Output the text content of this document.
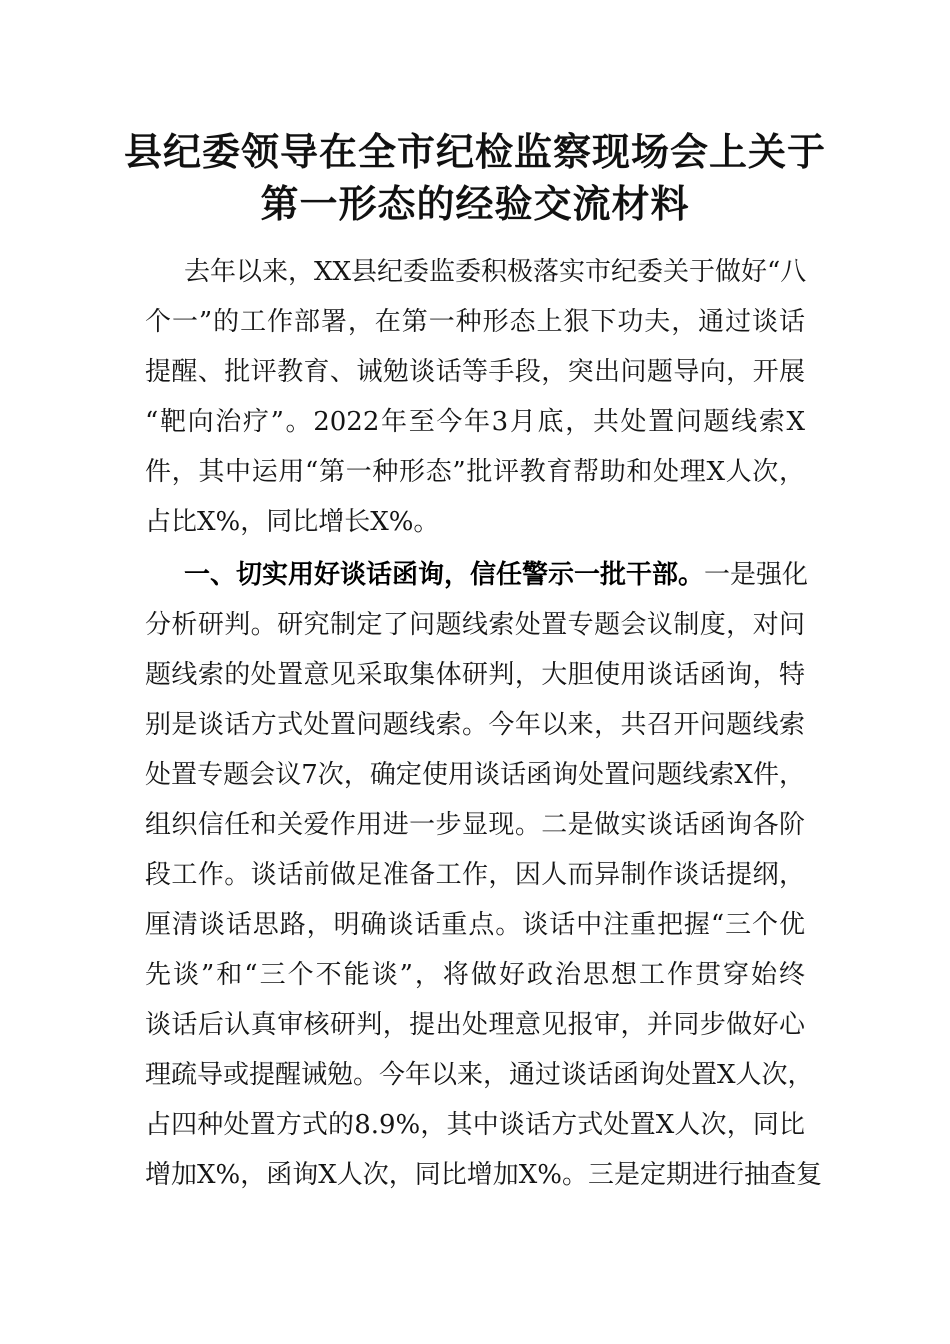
县纪委领导在全市纪检监察现场会上关于
第一形态的经验交流材料
去年以来，XX县纪委监委积极落实市纪委关于做好“八
个一”的工作部署，在第一种形态上狠下功夫，通过谈话
提醒、批评教育、诫勉谈话等手段，突出问题导向，开展
“靶向治疗”。2022年至今年3月底，共处置问题线索X
件，其中运用“第一种形态”批评教育帮助和处理X人次，
占比X%，同比增长X%。
一、切实用好谈话函询，信任警示一批干部。一是强化
分析研判。研究制定了问题线索处置专题会议制度，对问
题线索的处置意见采取集体研判，大胆使用谈话函询，特
别是谈话方式处置问题线索。今年以来，共召开问题线索
处置专题会议7次，确定使用谈话函询处置问题线索X件，
组织信任和关爱作用进一步显现。二是做实谈话函询各阶
段工作。谈话前做足准备工作，因人而异制作谈话提纲，
厘清谈话思路，明确谈话重点。谈话中注重把握“三个优
先谈”和“三个不能谈”，将做好政治思想工作贯穿始终
谈话后认真审核研判，提出处理意见报审，并同步做好心
理疏导或提醒诫勉。今年以来，通过谈话函询处置X人次，
占四种处置方式的8.9%，其中谈话方式处置X人次，同比
增加X%，函询X人次，同比增加X%。三是定期进行抽查复
